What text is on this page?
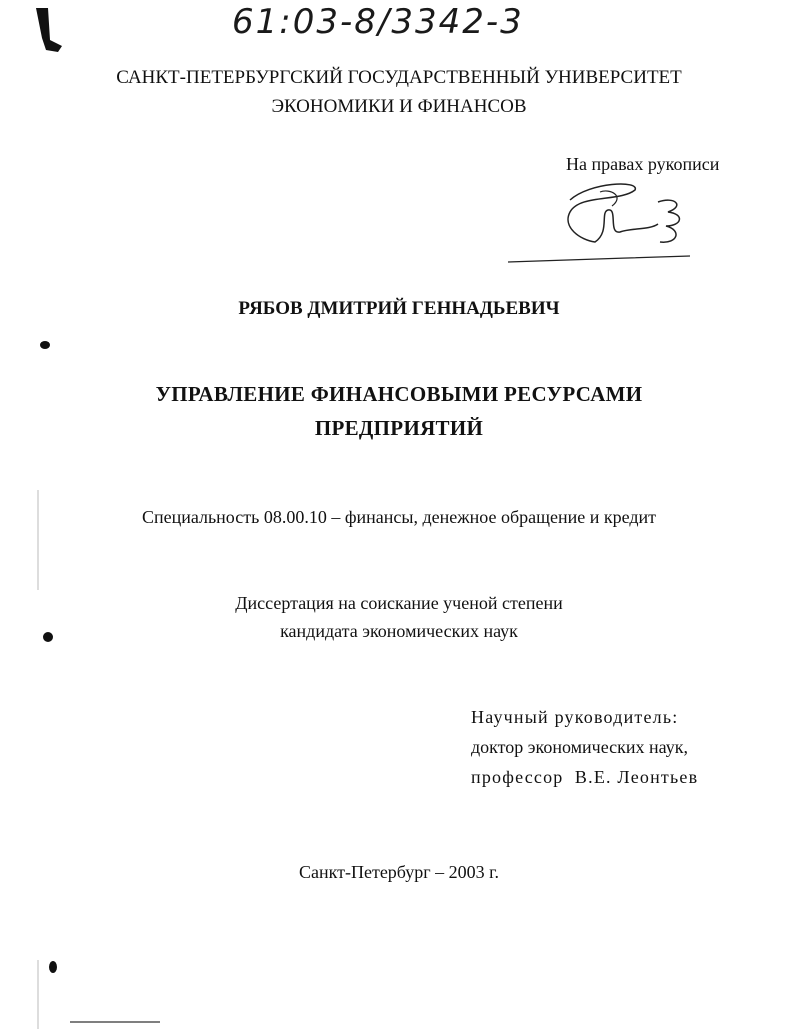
61:03-8/3342-3
САНКТ-ПЕТЕРБУРГСКИЙ ГОСУДАРСТВЕННЫЙ УНИВЕРСИТЕТ
ЭКОНОМИКИ И ФИНАНСОВ
На правах рукописи
РЯБОВ ДМИТРИЙ ГЕННАДЬЕВИЧ
УПРАВЛЕНИЕ ФИНАНСОВЫМИ РЕСУРСАМИ
ПРЕДПРИЯТИЙ
Специальность 08.00.10 – финансы, денежное обращение и кредит
Диссертация на соискание ученой степени
кандидата экономических наук
Научный руководитель:
доктор экономических наук,
профессор  В.Е. Леонтьев
Санкт-Петербург – 2003 г.
